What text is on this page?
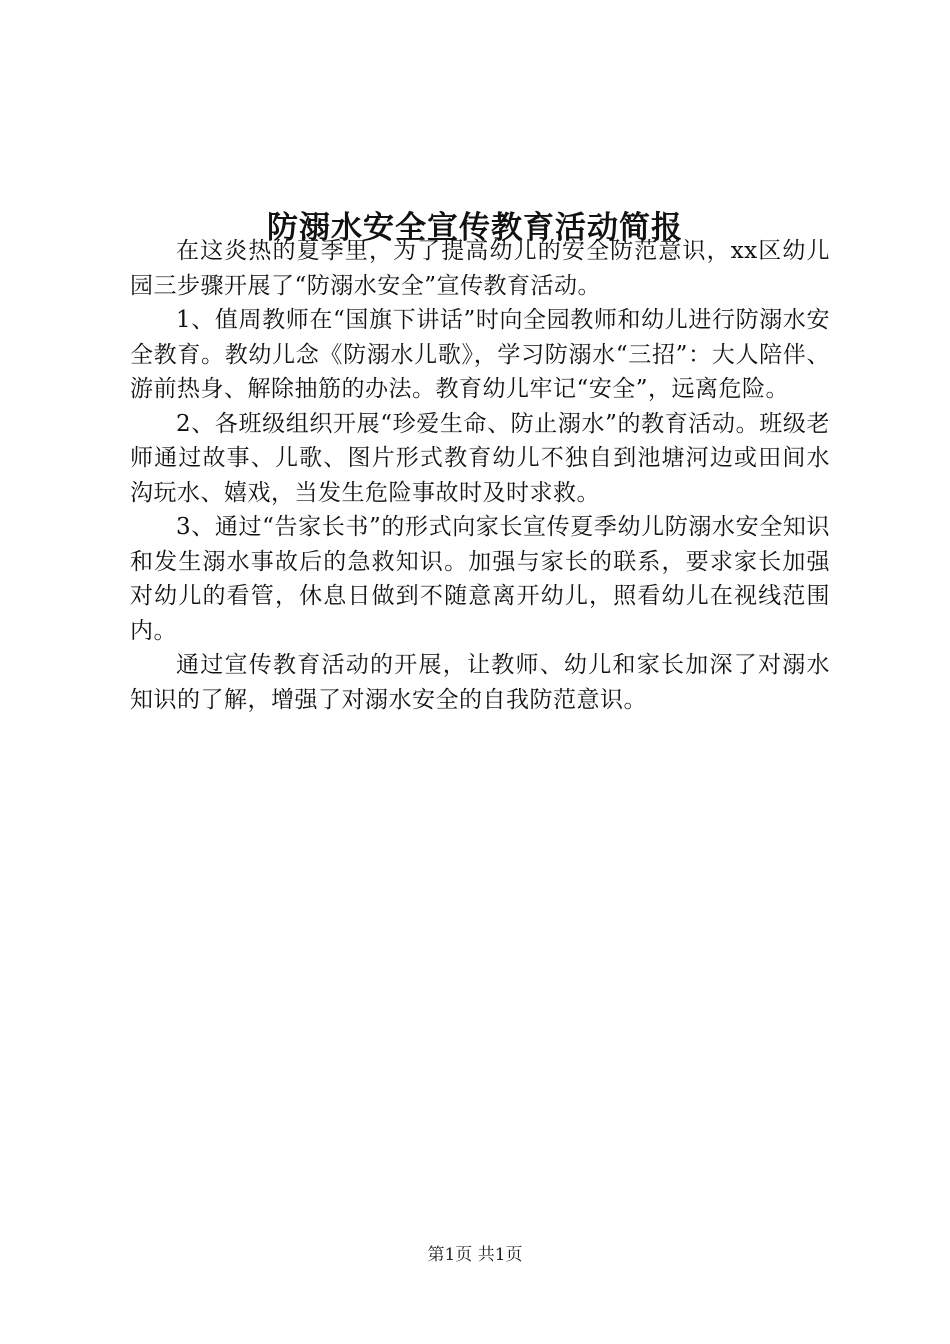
防溺水安全宣传教育活动简报

在这炎热的夏季里，为了提高幼儿的安全防范意识，xx区幼儿园三步骤开展了“防溺水安全”宣传教育活动。

1、值周教师在“国旗下讲话”时向全园教师和幼儿进行防溺水安全教育。教幼儿念《防溺水儿歌》，学习防溺水“三招”：大人陪伴、游前热身、解除抽筋的办法。教育幼儿牢记“安全”，远离危险。

2、各班级组织开展“珍爱生命、防止溺水”的教育活动。班级老师通过故事、儿歌、图片形式教育幼儿不独自到池塘河边或田间水沟玩水、嬉戏，当发生危险事故时及时求救。

3、通过“告家长书”的形式向家长宣传夏季幼儿防溺水安全知识和发生溺水事故后的急救知识。加强与家长的联系，要求家长加强对幼儿的看管，休息日做到不随意离开幼儿，照看幼儿在视线范围内。

通过宣传教育活动的开展，让教师、幼儿和家长加深了对溺水知识的了解，增强了对溺水安全的自我防范意识。

第1页 共1页
